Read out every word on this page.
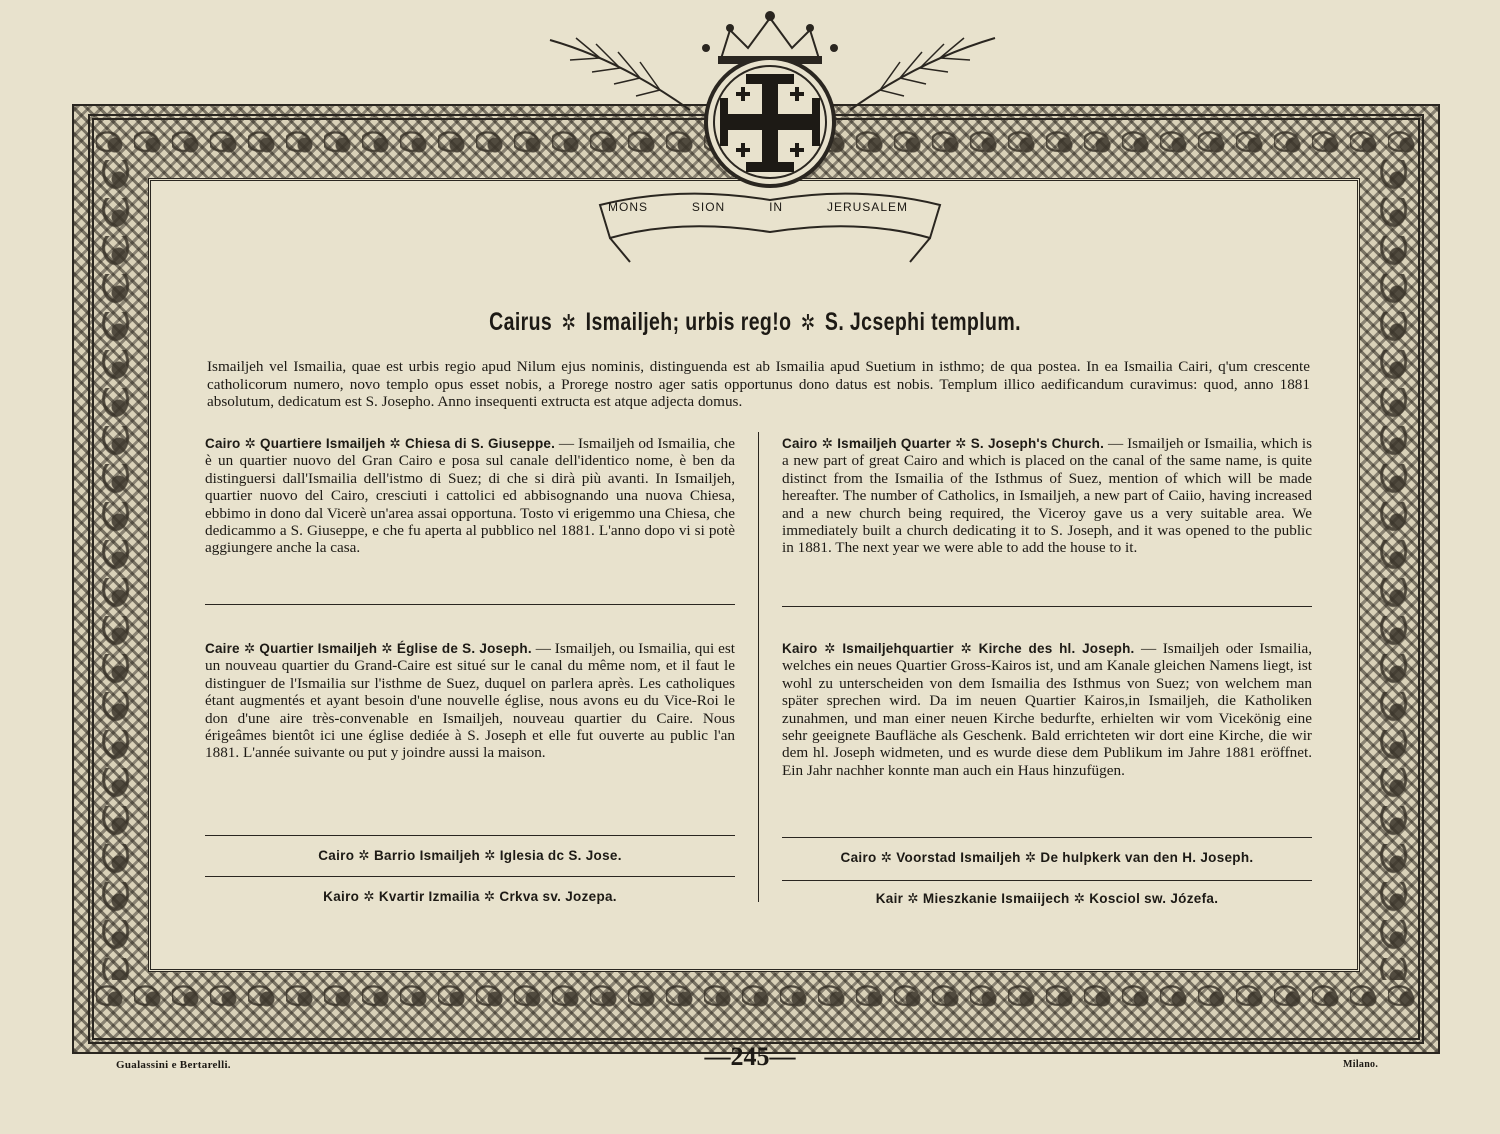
MONS	SION	IN	JERUSALEM
Cairus ✲ Ismailjeh; urbis reg!o ✲ S. Jcsephi templum.
Ismailjeh vel Ismailia, quae est urbis regio apud Nilum ejus nominis, distinguenda est ab Ismailia apud Suetium in isthmo; de qua postea. In ea Ismailia Cairi, q'um crescente catholicorum numero, novo templo opus esset nobis, a Prorege nostro ager satis opportunus dono datus est nobis. Templum illico aedificandum curavimus: quod, anno 1881 absolutum, dedicatum est S. Josepho. Anno insequenti extructa est atque adjecta domus.
Cairo ✲ Quartiere Ismailjeh ✲ Chiesa di S. Giuseppe. — Ismailjeh od Ismailia, che è un quartier nuovo del Gran Cairo e posa sul canale dell'identico nome, è ben da distinguersi dall'Ismailia dell'istmo di Suez; di che si dirà più avanti. In Ismailjeh, quartier nuovo del Cairo, cresciuti i cattolici ed abbisognando una nuova Chiesa, ebbimo in dono dal Vicerè un'area assai opportuna. Tosto vi erigemmo una Chiesa, che dedicammo a S. Giuseppe, e che fu aperta al pubblico nel 1881. L'anno dopo vi si potè aggiungere anche la casa.
Cairo ✲ Ismailjeh Quarter ✲ S. Joseph's Church. — Ismailjeh or Ismailia, which is a new part of great Cairo and which is placed on the canal of the same name, is quite distinct from the Ismailia of the Isthmus of Suez, mention of which will be made hereafter. The number of Catholics, in Ismailjeh, a new part of Caiio, having increased and a new church being required, the Viceroy gave us a very suitable area. We immediately built a church dedicating it to S. Joseph, and it was opened to the public in 1881. The next year we were able to add the house to it.
Caire ✲ Quartier Ismailjeh ✲ Église de S. Joseph. — Ismailjeh, ou Ismailia, qui est un nouveau quartier du Grand-Caire est situé sur le canal du même nom, et il faut le distinguer de l'Ismailia sur l'isthme de Suez, duquel on parlera après. Les catholiques étant augmentés et ayant besoin d'une nouvelle église, nous avons eu du Vice-Roi le don d'une aire très-convenable en Ismailjeh, nouveau quartier du Caire. Nous érigeâmes bientôt ici une église dediée à S. Joseph et elle fut ouverte au public l'an 1881. L'année suivante ou put y joindre aussi la maison.
Kairo ✲ Ismailjehquartier ✲ Kirche des hl. Joseph. — Ismailjeh oder Ismailia, welches ein neues Quartier Gross-Kairos ist, und am Kanale gleichen Namens liegt, ist wohl zu unterscheiden von dem Ismailia des Isthmus von Suez; von welchem man später sprechen wird. Da im neuen Quartier Kairos,in Ismailjeh, die Katholiken zunahmen, und man einer neuen Kirche bedurfte, erhielten wir vom Vicekönig eine sehr geeignete Baufläche als Geschenk. Bald errichteten wir dort eine Kirche, die wir dem hl. Joseph widmeten, und es wurde diese dem Publikum im Jahre 1881 eröffnet. Ein Jahr nachher konnte man auch ein Haus hinzufügen.
Cairo ✲ Barrio Ismailjeh ✲ Iglesia dc S. Jose.	Cairo ✲ Voorstad Ismailjeh ✲ De hulpkerk van den H. Joseph.
Kairo ✲ Kvartir Izmailia ✲ Crkva sv. Jozepa.	Kair ✲ Mieszkanie Ismaiijech ✲ Kosciol sw. Józefa.
Gualassini e Bertarelli.	—245—	Milano.
